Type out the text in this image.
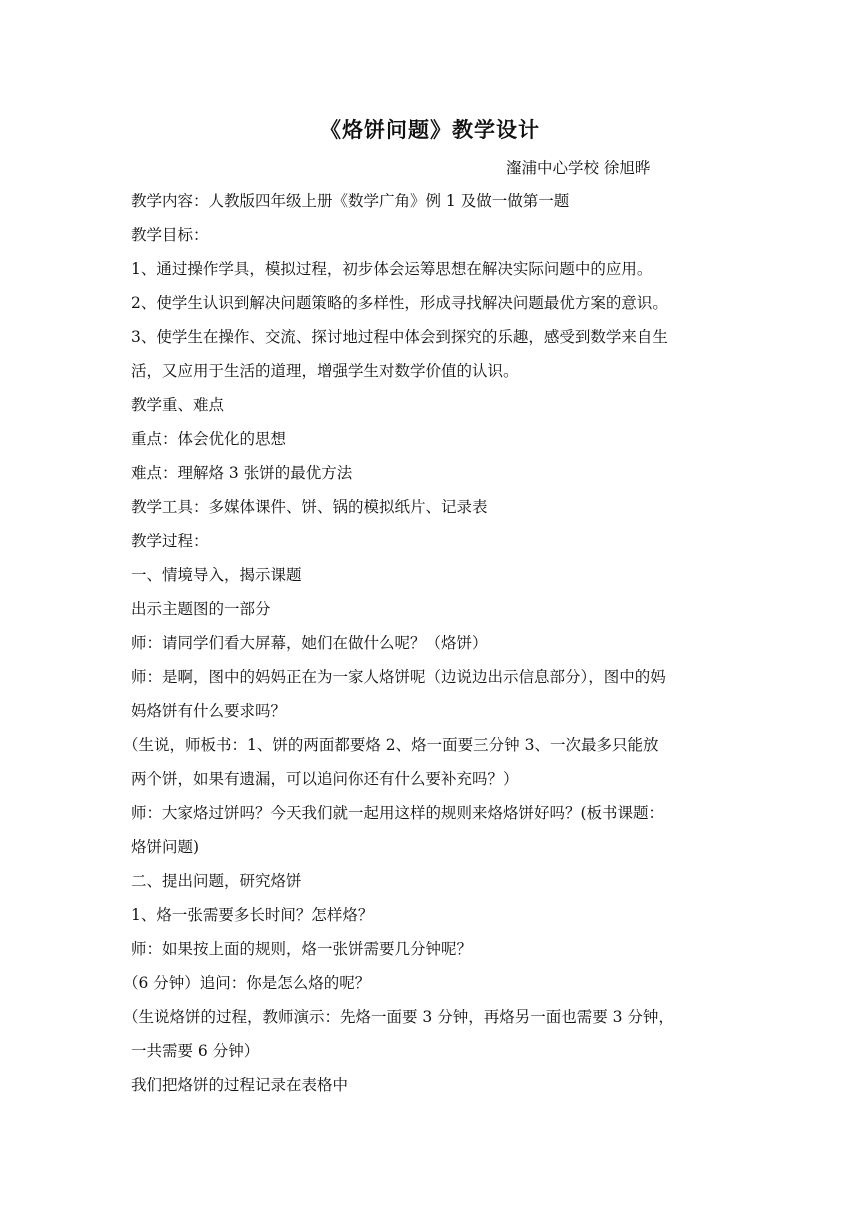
《烙饼问题》教学设计
瀣浦中心学校 徐旭晔
教学内容：人教版四年级上册《数学广角》例 1 及做一做第一题
教学目标：
1、通过操作学具，模拟过程，初步体会运筹思想在解决实际问题中的应用。
2、使学生认识到解决问题策略的多样性，形成寻找解决问题最优方案的意识。
3、使学生在操作、交流、探讨地过程中体会到探究的乐趣，感受到数学来自生
活，又应用于生活的道理，增强学生对数学价值的认识。
教学重、难点
重点：体会优化的思想
难点：理解烙 3 张饼的最优方法
教学工具：多媒体课件、饼、锅的模拟纸片、记录表
教学过程：
一、情境导入，揭示课题
出示主题图的一部分
师：请同学们看大屏幕，她们在做什么呢？（烙饼）
师：是啊，图中的妈妈正在为一家人烙饼呢（边说边出示信息部分），图中的妈
妈烙饼有什么要求吗？
（生说，师板书：1、饼的两面都要烙 2、烙一面要三分钟 3、一次最多只能放
两个饼，如果有遗漏，可以追问你还有什么要补充吗？）
师：大家烙过饼吗？今天我们就一起用这样的规则来烙烙饼好吗？(板书课题：
烙饼问题)
二、提出问题，研究烙饼
1、烙一张需要多长时间？怎样烙？
师：如果按上面的规则，烙一张饼需要几分钟呢？
（6 分钟）追问：你是怎么烙的呢？
（生说烙饼的过程，教师演示：先烙一面要 3 分钟，再烙另一面也需要 3 分钟，
一共需要 6 分钟）
我们把烙饼的过程记录在表格中
